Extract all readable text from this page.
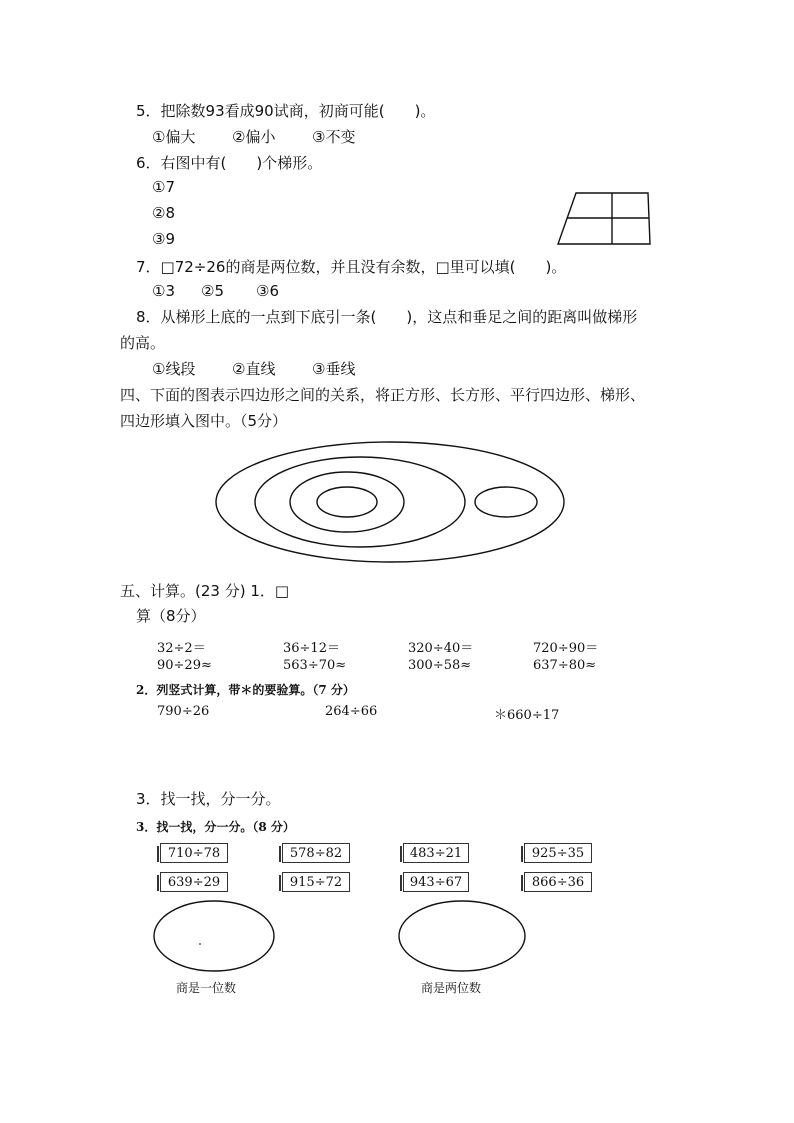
5．把除数93看成90试商，初商可能(　　)。
①偏大 ②偏小 ③不变
6．右图中有(　　)个梯形。
①7
②8
③9
7．□72÷26的商是两位数，并且没有余数，□里可以填(　　)。
①3 ②5 ③6
8．从梯形上底的一点到下底引一条(　　)，这点和垂足之间的距离叫做梯形
的高。
①线段 ②直线 ③垂线
四、下面的图表示四边形之间的关系，将正方形、长方形、平行四边形、梯形、
四边形填入图中。（5分）
五、计算。(23 分) 1．□
算（8分）
32÷2＝	36÷12＝	320÷40＝	720÷90＝
90÷29≈	563÷70≈	300÷58≈	637÷80≈
2．列竖式计算，带＊的要验算。（7 分）
790÷26	264÷66	＊660÷17
3．找一找，分一分。
3．找一找，分一分。（8 分）
710÷78	578÷82	483÷21	925÷35
639÷29	915÷72	943÷67	866÷36
商是一位数	商是两位数
